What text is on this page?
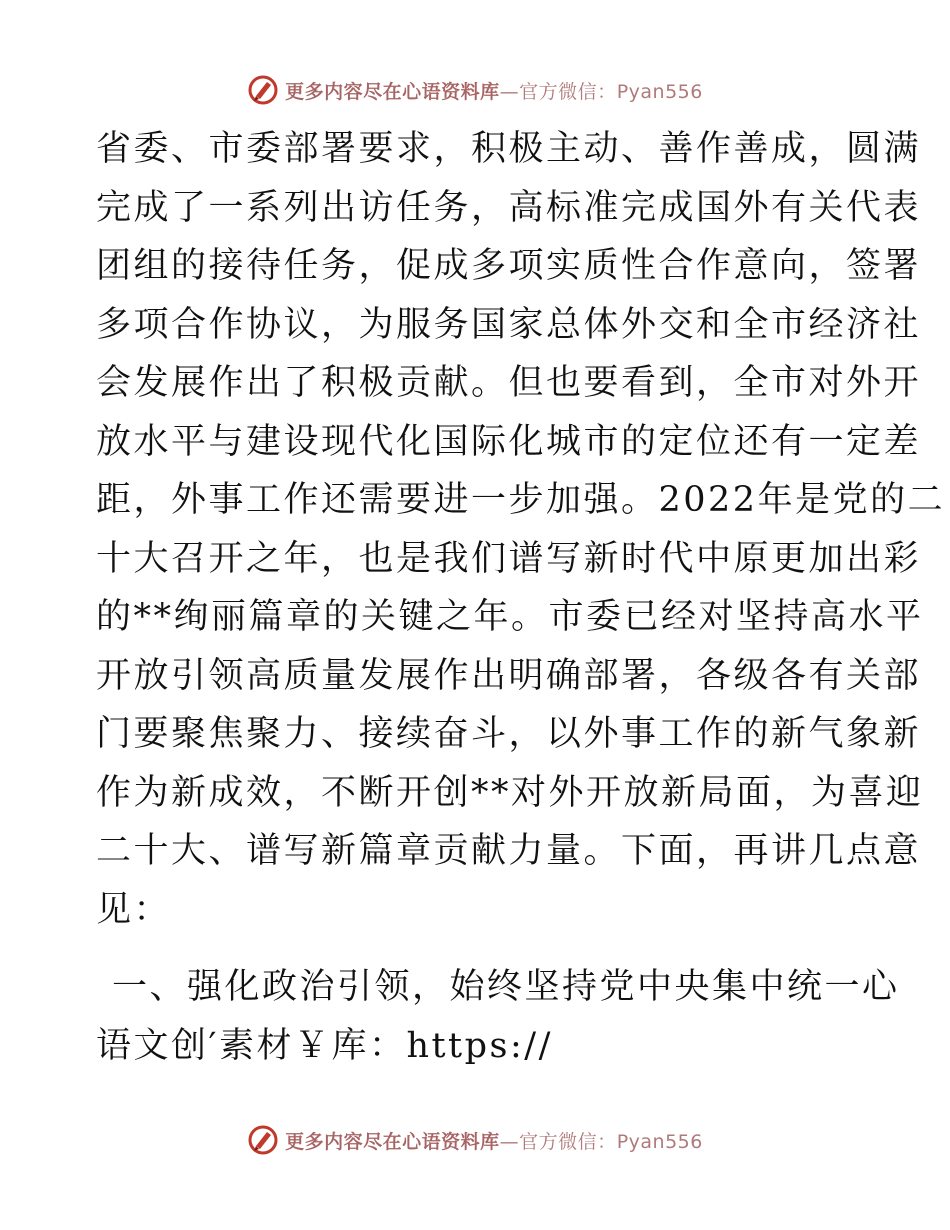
更多内容尽在心语资料库—官方微信：Pyan556
省委、市委部署要求，积极主动、善作善成，圆满
完成了一系列出访任务，高标准完成国外有关代表
团组的接待任务，促成多项实质性合作意向，签署
多项合作协议，为服务国家总体外交和全市经济社
会发展作出了积极贡献。但也要看到，全市对外开
放水平与建设现代化国际化城市的定位还有一定差
距，外事工作还需要进一步加强。2022年是党的二
十大召开之年，也是我们谱写新时代中原更加出彩
的**绚丽篇章的关键之年。市委已经对坚持高水平
开放引领高质量发展作出明确部署，各级各有关部
门要聚焦聚力、接续奋斗，以外事工作的新气象新
作为新成效，不断开创**对外开放新局面，为喜迎
二十大、谱写新篇章贡献力量。下面，再讲几点意
见：
一、强化政治引领，始终坚持党中央集中统一心
语文创′素材￥库：https://
更多内容尽在心语资料库—官方微信：Pyan556
